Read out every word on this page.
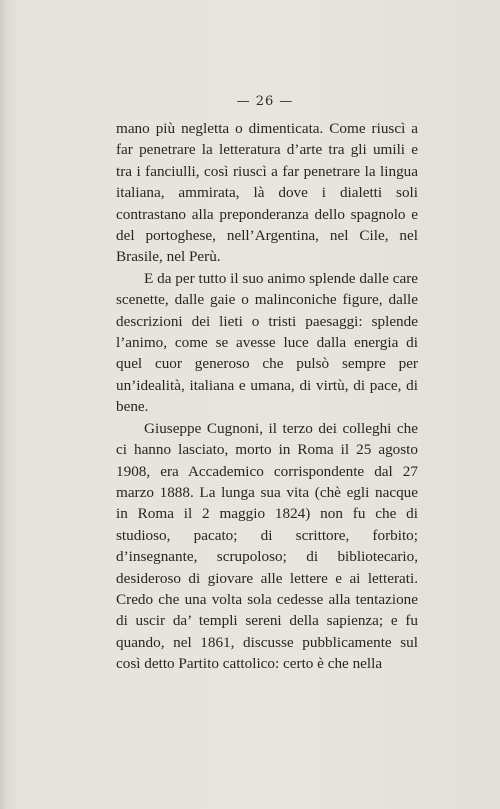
— 26 —

mano più negletta o dimenticata. Come riuscì a far penetrare la letteratura d’arte tra gli umili e tra i fanciulli, così riuscì a far penetrare la lingua italiana, ammirata, là dove i dialetti soli contrastano alla preponderanza dello spagnolo e del portoghese, nell’Argentina, nel Cile, nel Brasile, nel Perù.

E da per tutto il suo animo splende dalle care scenette, dalle gaie o malinconiche figure, dalle descrizioni dei lieti o tristi paesaggi: splende l’animo, come se avesse luce dalla energia di quel cuor generoso che pulsò sempre per un’idealità, italiana e umana, di virtù, di pace, di bene.

Giuseppe Cugnoni, il terzo dei colleghi che ci hanno lasciato, morto in Roma il 25 agosto 1908, era Accademico corrispondente dal 27 marzo 1888. La lunga sua vita (chè egli nacque in Roma il 2 maggio 1824) non fu che di studioso, pacato; di scrittore, forbito; d’insegnante, scrupoloso; di bibliotecario, desideroso di giovare alle lettere e ai letterati. Credo che una volta sola cedesse alla tentazione di uscir da’ templi sereni della sapienza; e fu quando, nel 1861, discusse pubblicamente sul così detto Partito cattolico: certo è che nella
